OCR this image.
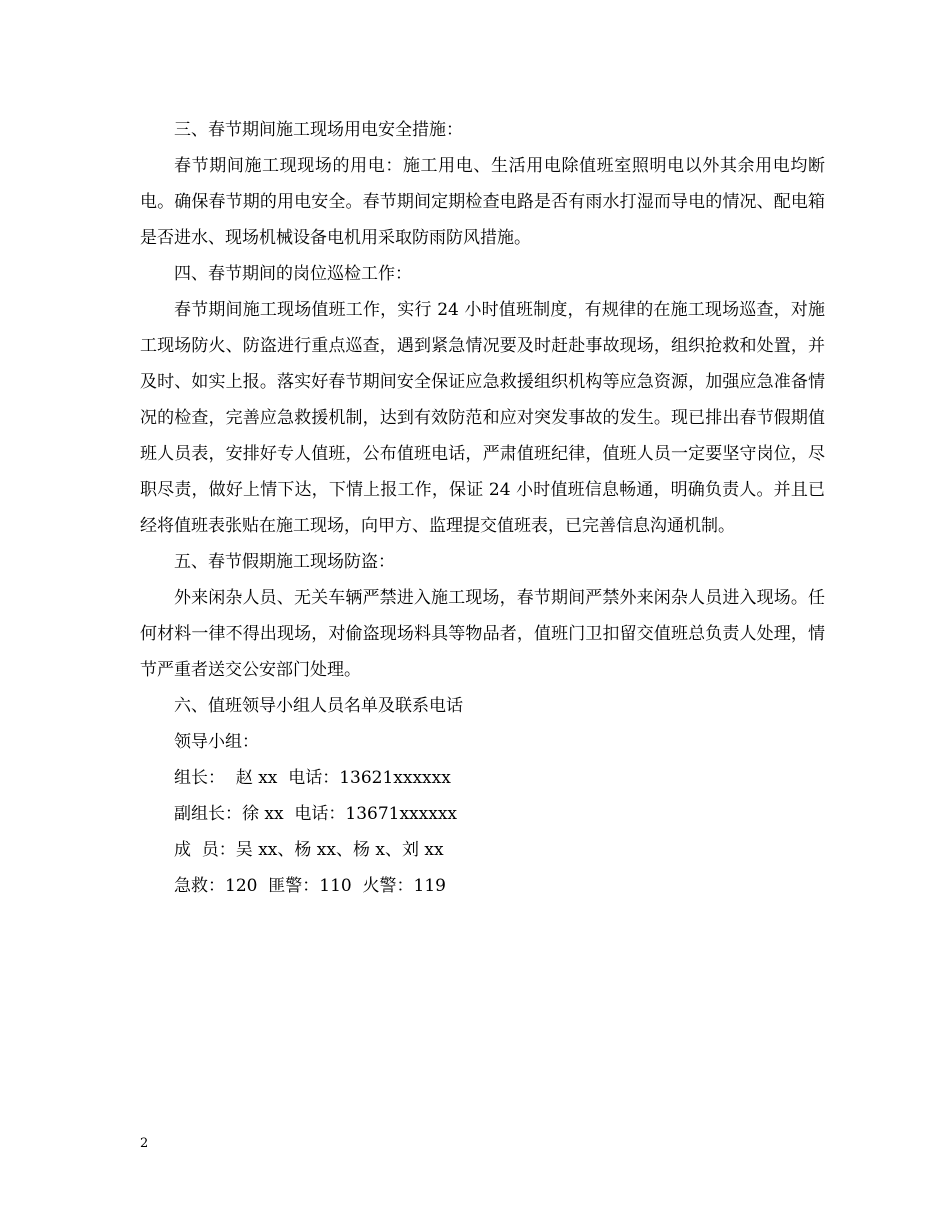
三、春节期间施工现场用电安全措施：

春节期间施工现现场的用电：施工用电、生活用电除值班室照明电以外其余用电均断电。确保春节期的用电安全。春节期间定期检查电路是否有雨水打湿而导电的情况、配电箱是否进水、现场机械设备电机用采取防雨防风措施。

四、春节期间的岗位巡检工作：

春节期间施工现场值班工作，实行 24 小时值班制度，有规律的在施工现场巡查，对施工现场防火、防盗进行重点巡查，遇到紧急情况要及时赶赴事故现场，组织抢救和处置，并及时、如实上报。落实好春节期间安全保证应急救援组织机构等应急资源，加强应急准备情况的检查，完善应急救援机制，达到有效防范和应对突发事故的发生。现已排出春节假期值班人员表，安排好专人值班，公布值班电话，严肃值班纪律，值班人员一定要坚守岗位，尽职尽责，做好上情下达，下情上报工作，保证 24 小时值班信息畅通，明确负责人。并且已经将值班表张贴在施工现场，向甲方、监理提交值班表，已完善信息沟通机制。

五、春节假期施工现场防盗：

外来闲杂人员、无关车辆严禁进入施工现场，春节期间严禁外来闲杂人员进入现场。任何材料一律不得出现场，对偷盗现场料具等物品者，值班门卫扣留交值班总负责人处理，情节严重者送交公安部门处理。

六、值班领导小组人员名单及联系电话

领导小组：

组长：  赵 xx  电话：13621xxxxxx

副组长：徐 xx  电话：13671xxxxxx

成  员：吴 xx、杨 xx、杨 x、刘 xx

急救：120  匪警：110  火警：119

2
